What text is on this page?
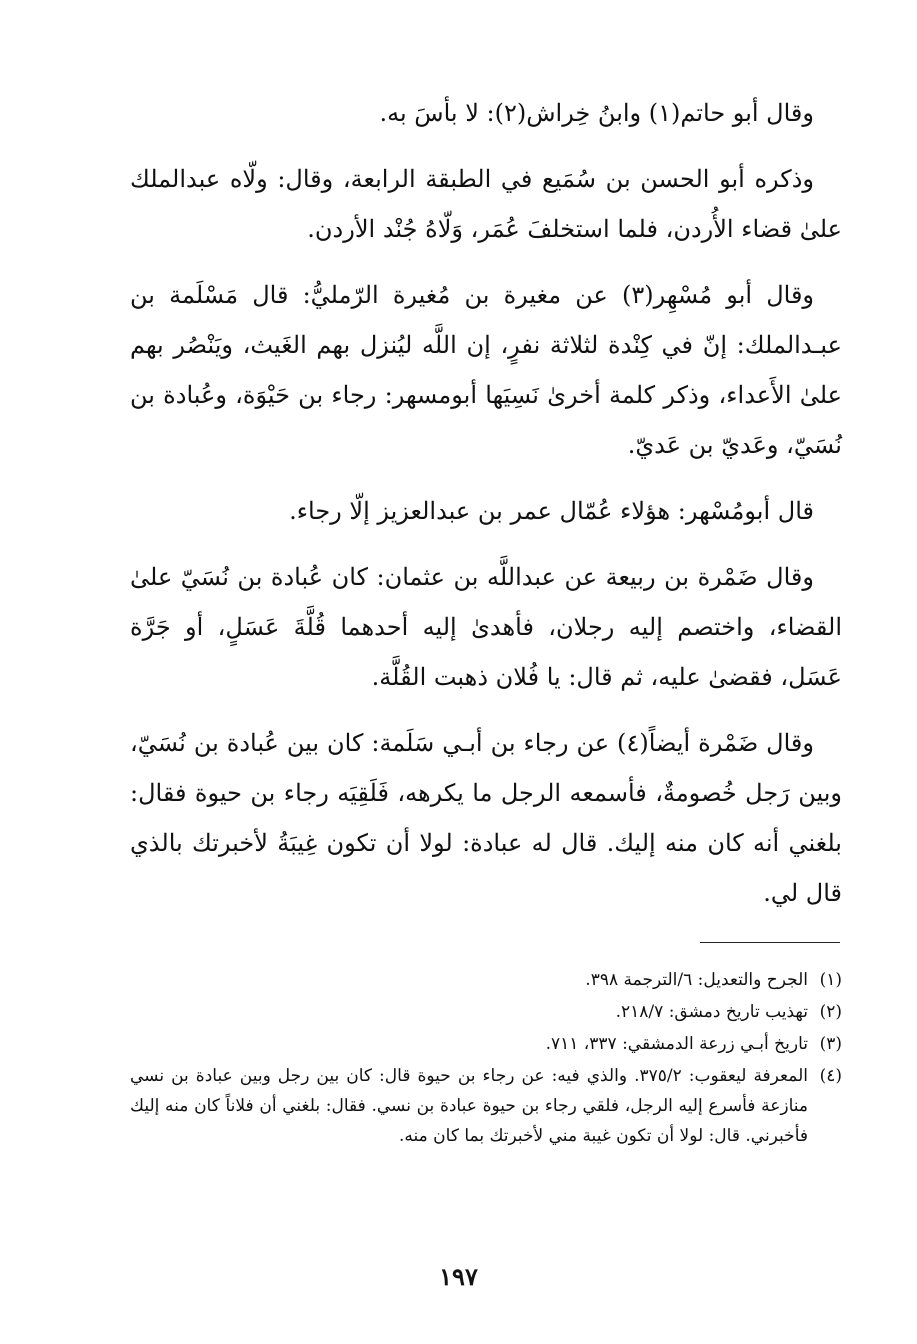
وقال أبو حاتم(١) وابنُ خِراش(٢): لا بأسَ به.

وذكره أبو الحسن بن سُمَيع في الطبقة الرابعة، وقال: ولّاه عبدالملك علىٰ قضاء الأُردن، فلما استخلفَ عُمَر، وَلّاهُ جُنْد الأردن.

وقال أبو مُسْهِر(٣) عن مغيرة بن مُغيرة الرّمليُّ: قال مَسْلَمة بن عبـدالملك: إنّ في كِنْدة لثلاثة نفرٍ، إن اللَّه ليُنزل بهم الغَيث، ويَنْصُر بهم علىٰ الأَعداء، وذكر كلمة أخرىٰ نَسِيَها أبومسهر: رجاء بن حَيْوَة، وعُبادة بن نُسَيّ، وعَديّ بن عَديّ.

قال أبومُسْهر: هؤلاء عُمّال عمر بن عبدالعزيز إلّا رجاء.

وقال ضَمْرة بن ربيعة عن عبداللَّه بن عثمان: كان عُبادة بن نُسَيّ علىٰ القضاء، واختصم إليه رجلان، فأهدىٰ إليه أحدهما قُلَّةَ عَسَلٍ، أو جَرَّة عَسَل، فقضىٰ عليه، ثم قال: يا فُلان ذهبت القُلَّة.

وقال ضَمْرة أيضاً(٤) عن رجاء بن أبـي سَلَمة: كان بين عُبادة بن نُسَيّ، وبين رَجل خُصومةٌ، فأسمعه الرجل ما يكرهه، فَلَقِيَه رجاء بن حيوة فقال: بلغني أنه كان منه إليك. قال له عبادة: لولا أن تكون غِيبَةُ لأخبرتك بالذي قال لي.

(١)
الجرح والتعديل: ٦/الترجمة ٣٩٨.
(٢)
تهذيب تاريخ دمشق: ٢١٨/٧.
(٣)
تاريخ أبـي زرعة الدمشقي: ٣٣٧، ٧١١.
(٤)
المعرفة ليعقوب: ٣٧٥/٢. والذي فيه: عن رجاء بن حيوة قال: كان بين رجل وبين عبادة بن نسي منازعة فأسرع إليه الرجل، فلقي رجاء بن حيوة عبادة بن نسي. فقال: بلغني أن فلاناً كان منه إليك فأخبرني. قال: لولا أن تكون غيبة مني لأخبرتك بما كان منه.
١٩٧
